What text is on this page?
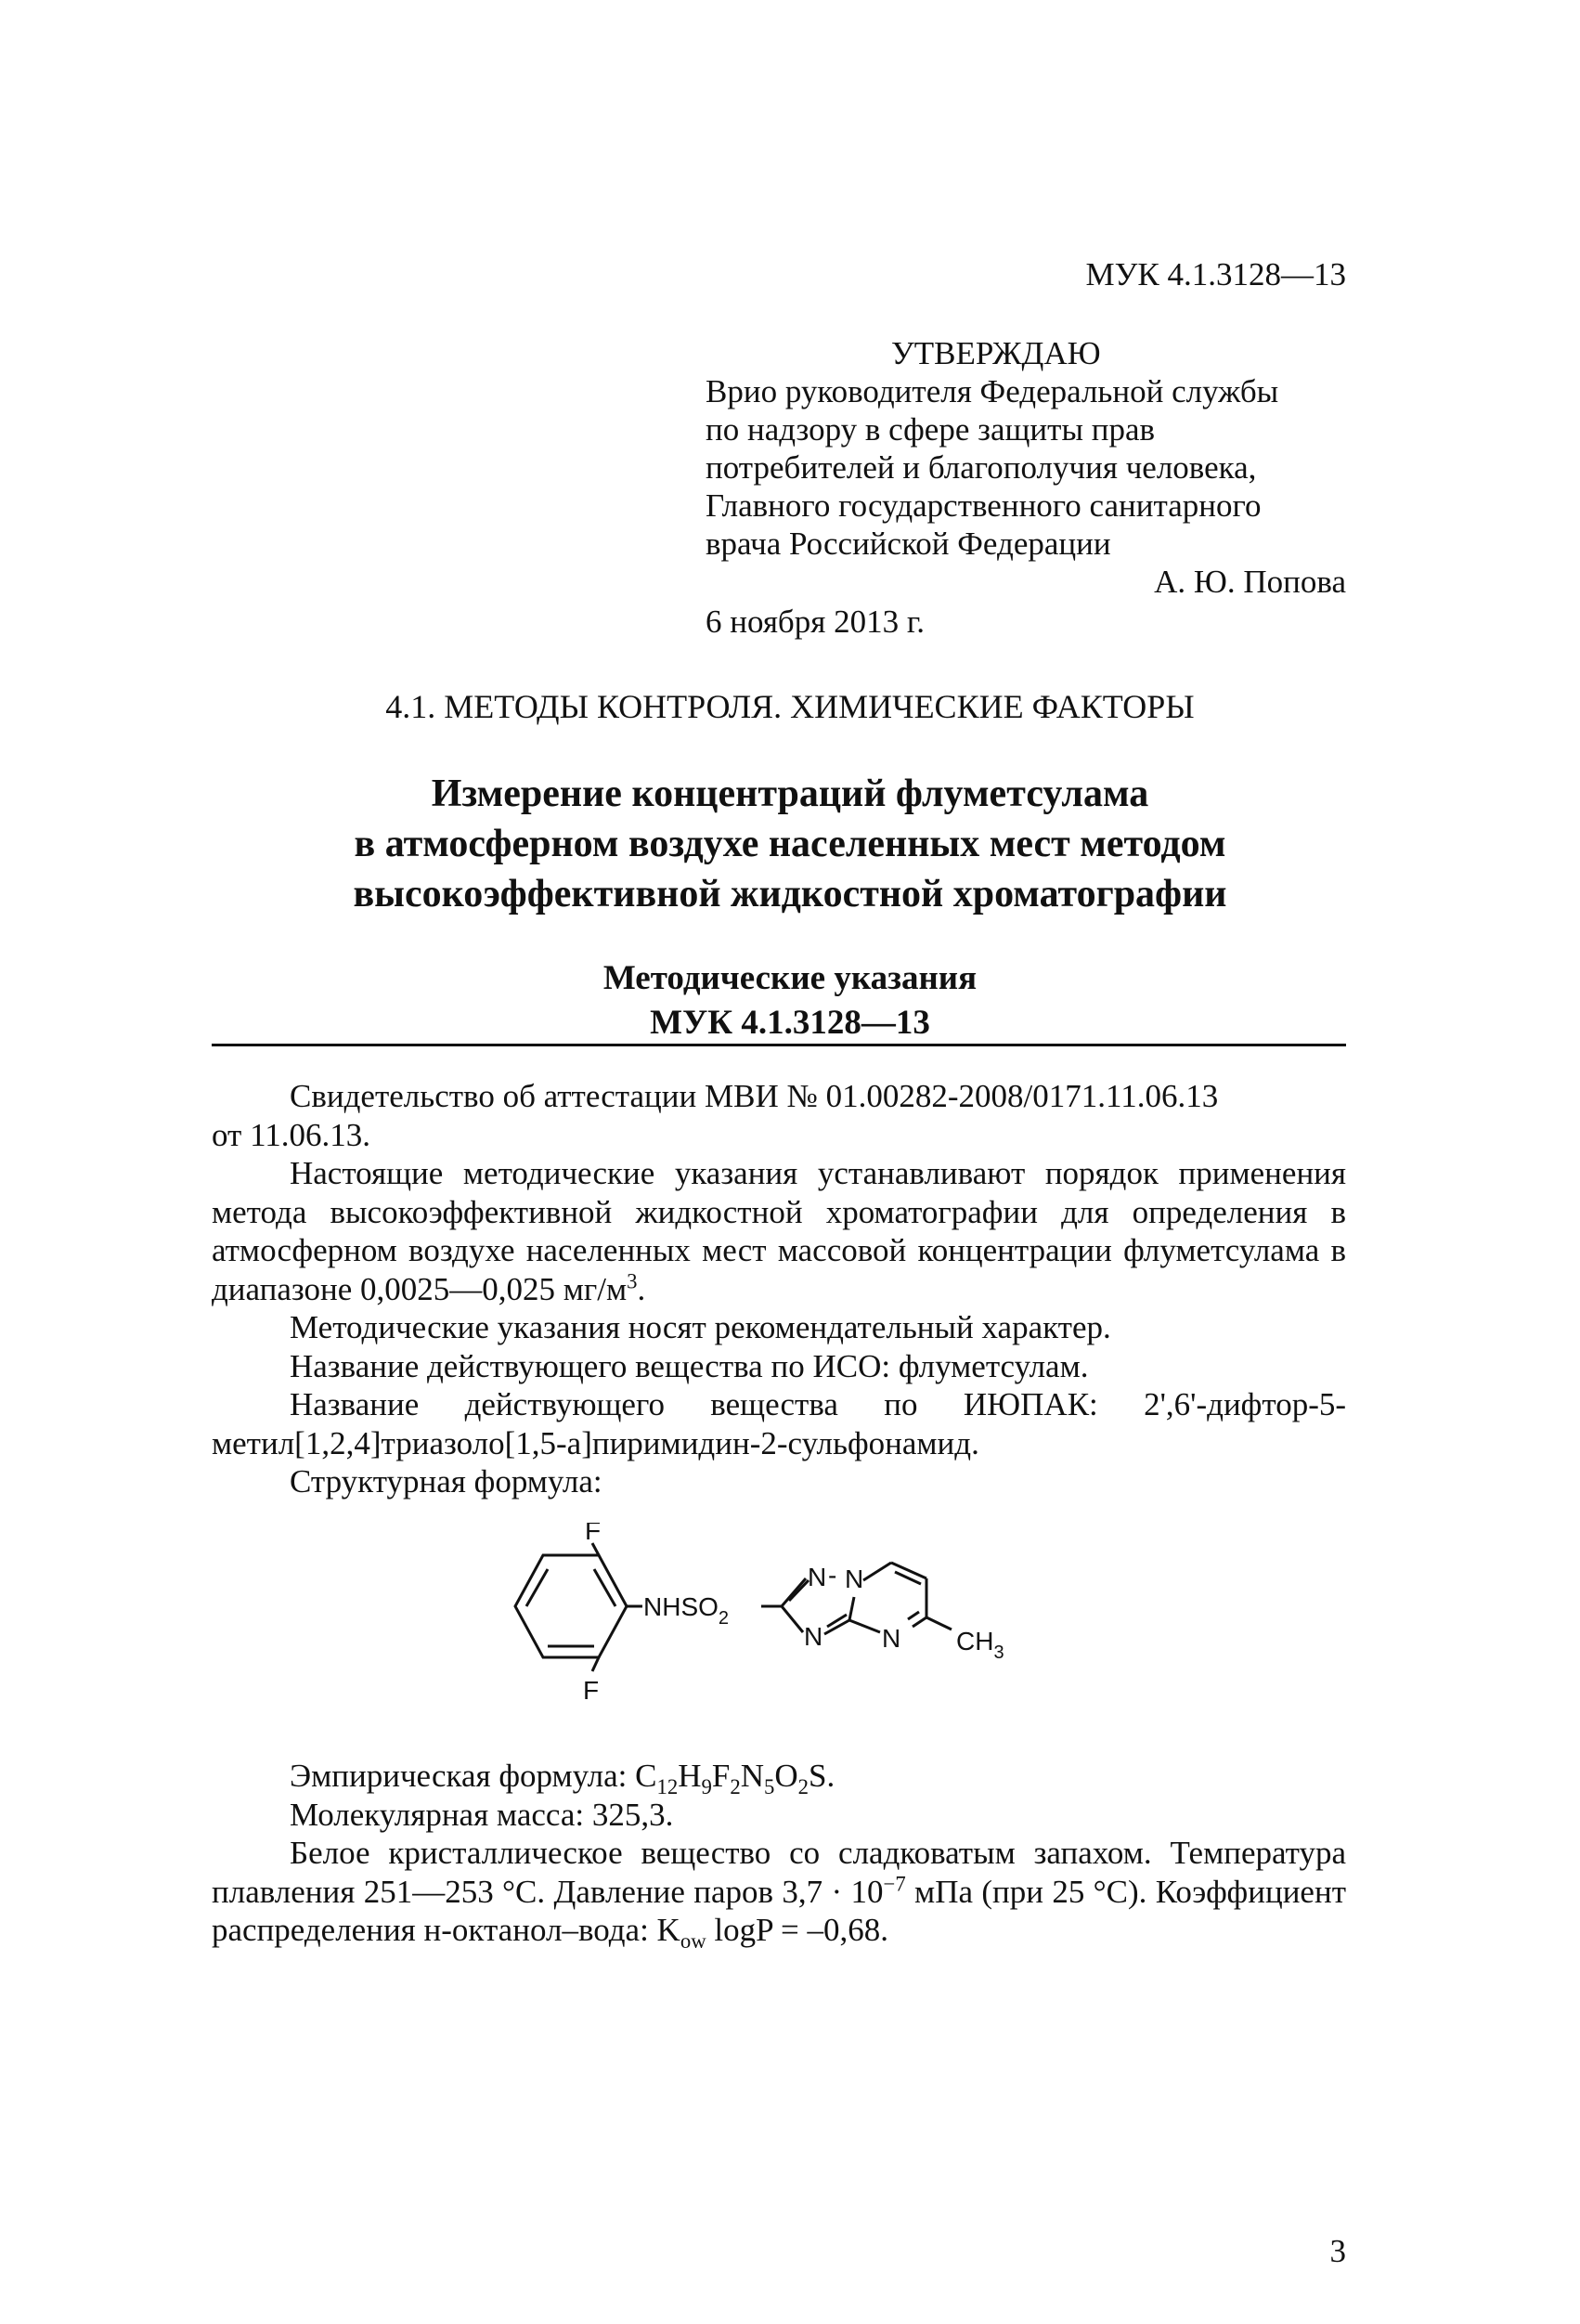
МУК 4.1.3128—13
УТВЕРЖДАЮ
Врио руководителя Федеральной службы
по надзору в сфере защиты прав
потребителей и благополучия человека,
Главного государственного санитарного
врача Российской Федерации
А. Ю. Попова
6 ноября 2013 г.
4.1. МЕТОДЫ КОНТРОЛЯ. ХИМИЧЕСКИЕ ФАКТОРЫ
Измерение концентраций флуметсулама
в атмосферном воздухе населенных мест методом
высокоэффективной жидкостной хроматографии
Методические указания
МУК 4.1.3128—13

Свидетельство об аттестации МВИ № 01.00282-2008/0171.11.06.13

от 11.06.13.

Настоящие методические указания устанавливают порядок применения метода высокоэффективной жидкостной хроматографии для определения в атмосферном воздухе населенных мест массовой концентрации флуметсулама в диапазоне 0,0025—0,025 $мг/м^3$.

Методические указания носят рекомендательный характер.

Название действующего вещества по ИСО: флуметсулам.

Название действующего вещества по ИЮПАК: 2',6'-дифтор-5-метил[1,2,4]триазоло[1,5-а]пиримидин-2-сульфонамид.

Структурная формула:

F
F
$NHSO_2$
N - N
N N $CH_3$

Эмпирическая формула: $C_{12}H_9F_2N_5O_2S$.

Молекулярная масса: 325,3.

Белое кристаллическое вещество со сладковатым запахом. Температура плавления 251—253 °С. Давление паров $3,7 \cdot 10^{-7}$ мПа (при 25 °С). Коэффициент распределения н-октанол–вода: $K_{ow}$ logP = –0,68.

3
